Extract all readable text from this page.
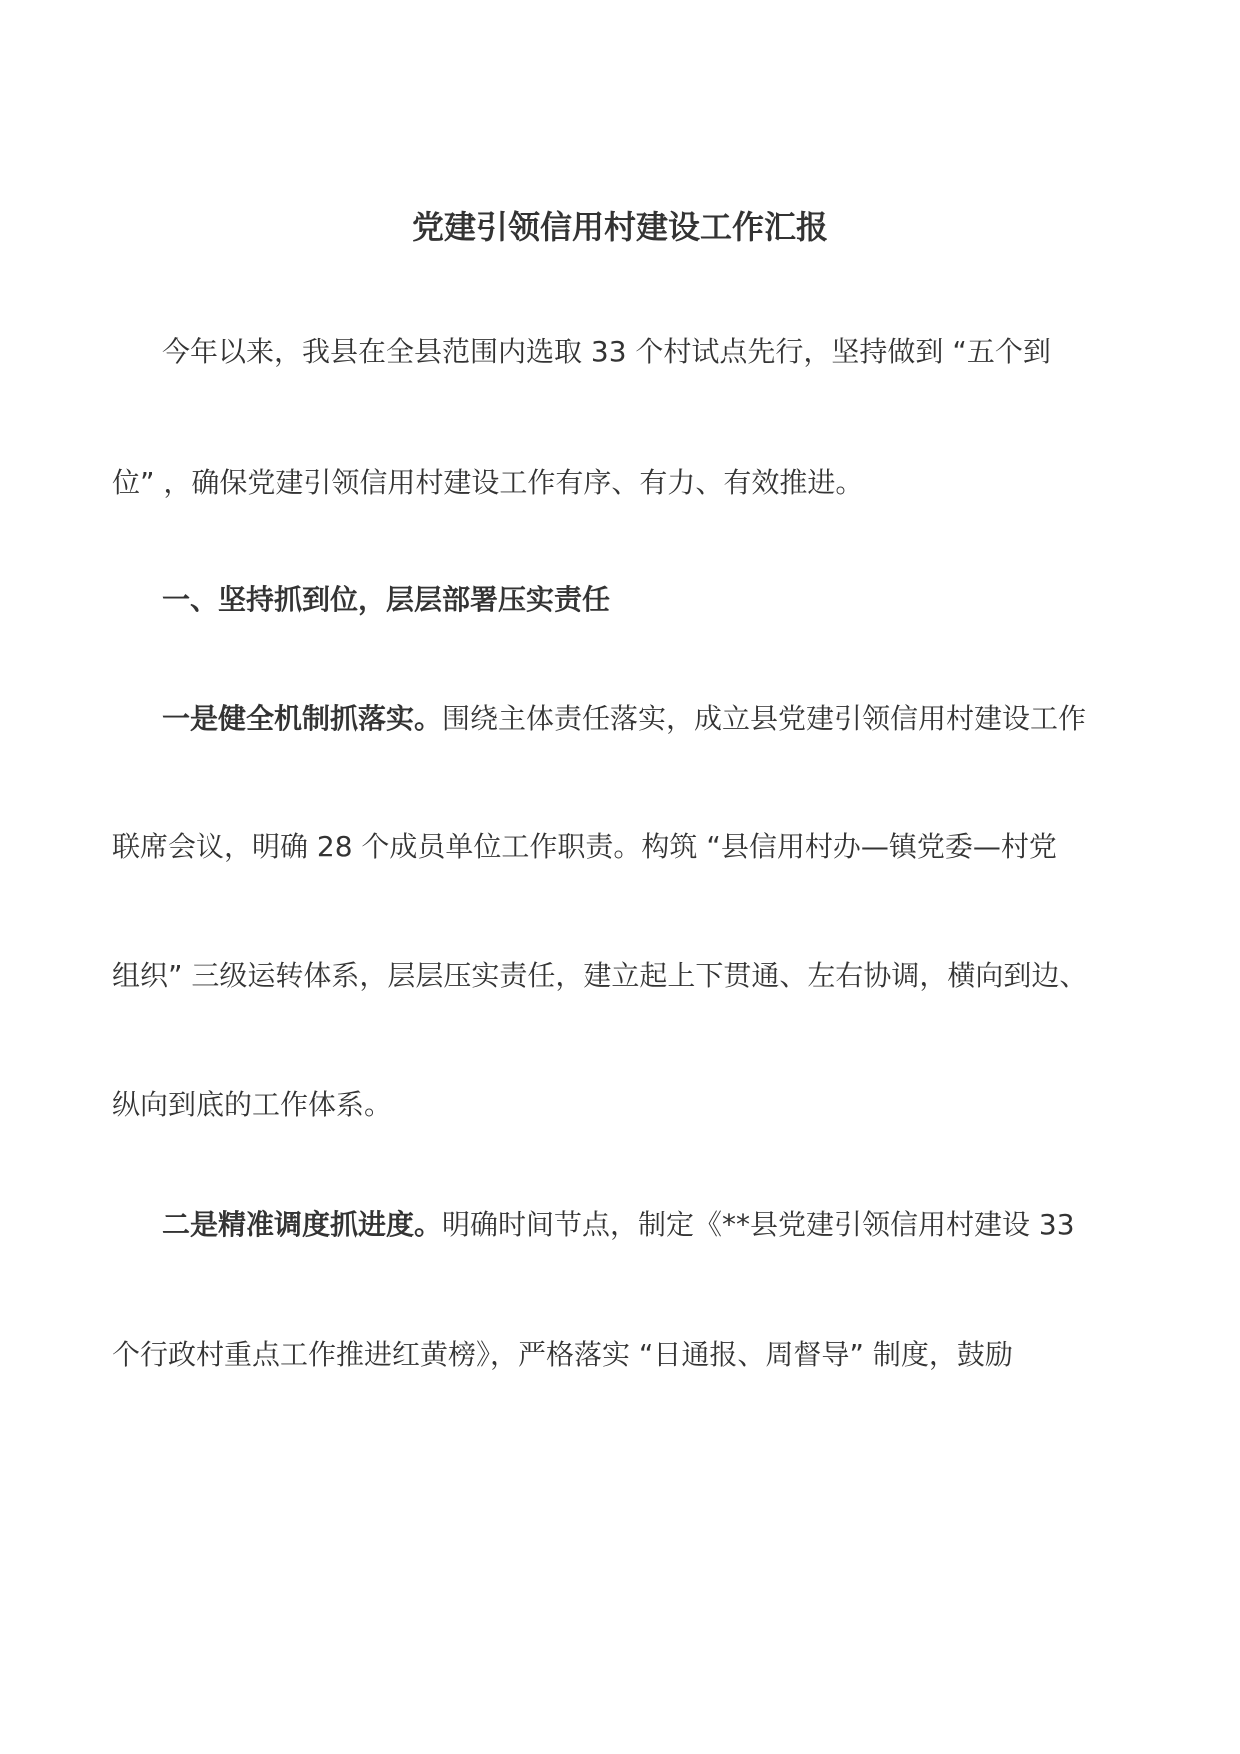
党建引领信用村建设工作汇报
今年以来，我县在全县范围内选取 33 个村试点先行，坚持做到 “五个到
位” ，确保党建引领信用村建设工作有序、有力、有效推进。
一、坚持抓到位，层层部署压实责任
一是健全机制抓落实。围绕主体责任落实，成立县党建引领信用村建设工作
联席会议，明确 28 个成员单位工作职责。构筑 “县信用村办—镇党委—村党
组织” 三级运转体系，层层压实责任，建立起上下贯通、左右协调，横向到边、
纵向到底的工作体系。
二是精准调度抓进度。明确时间节点，制定《**县党建引领信用村建设 33
个行政村重点工作推进红黄榜》，严格落实 “日通报、周督导” 制度，鼓励
